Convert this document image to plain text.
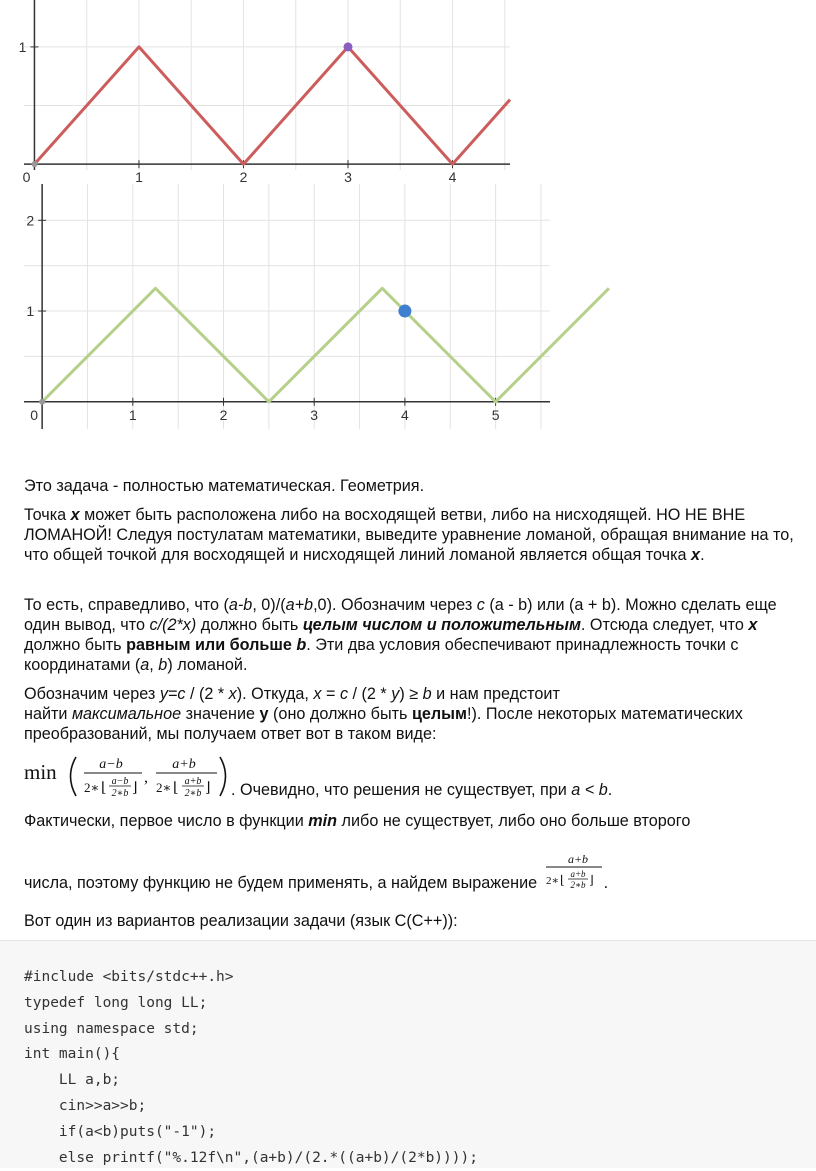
0	1	2	3	4
1
0	1	2	3	4	5
1
2

Это задача - полностью математическая. Геометрия.

Точка x может быть расположена либо на восходящей ветви, либо на нисходящей. НО НЕ ВНЕ ЛОМАНОЙ! Следуя постулатам математики, выведите уравнение ломаной, обращая внимание на то, что общей точкой для восходящей и нисходящей линий ломаной является общая точка x.

То есть, справедливо, что (a-b, 0)/(a+b,0). Обозначим через c (a - b) или (a + b). Можно сделать еще один вывод, что c/(2*x) должно быть целым числом и положительным. Отсюда следует, что x должно быть равным или больше b. Эти два условия обеспечивают принадлежность точки с координатами (a, b) ломаной.

Обозначим через y=c / (2 * x). Откуда, x = c / (2 * y) ≥ b и нам предстоит
найти максимальное значение y (оно должно быть целым!). После некоторых математических преобразований, мы получаем ответ вот в таком виде:

min	a−b
2∗ ⌊ a−b
2∗b ⌋
,
a+b
2∗ ⌊ a+b
2∗b ⌋ . Очевидно, что решения не существует, при a < b.

Фактически, первое число в функции min либо не существует, либо оно больше второго

числа, поэтому функцию не будем применять, а найдем выражение
a+b
2∗ ⌊ a+b
2∗b ⌋ .

Вот один из вариантов реализации задачи (язык C(C++)):

#include <bits/stdc++.h>
typedef long long LL;
using namespace std;
int main(){
LL a,b;
cin>>a>>b;
if(a<b)puts("-1");
else printf("%.12f\n",(a+b)/(2.*((a+b)/(2*b))));
